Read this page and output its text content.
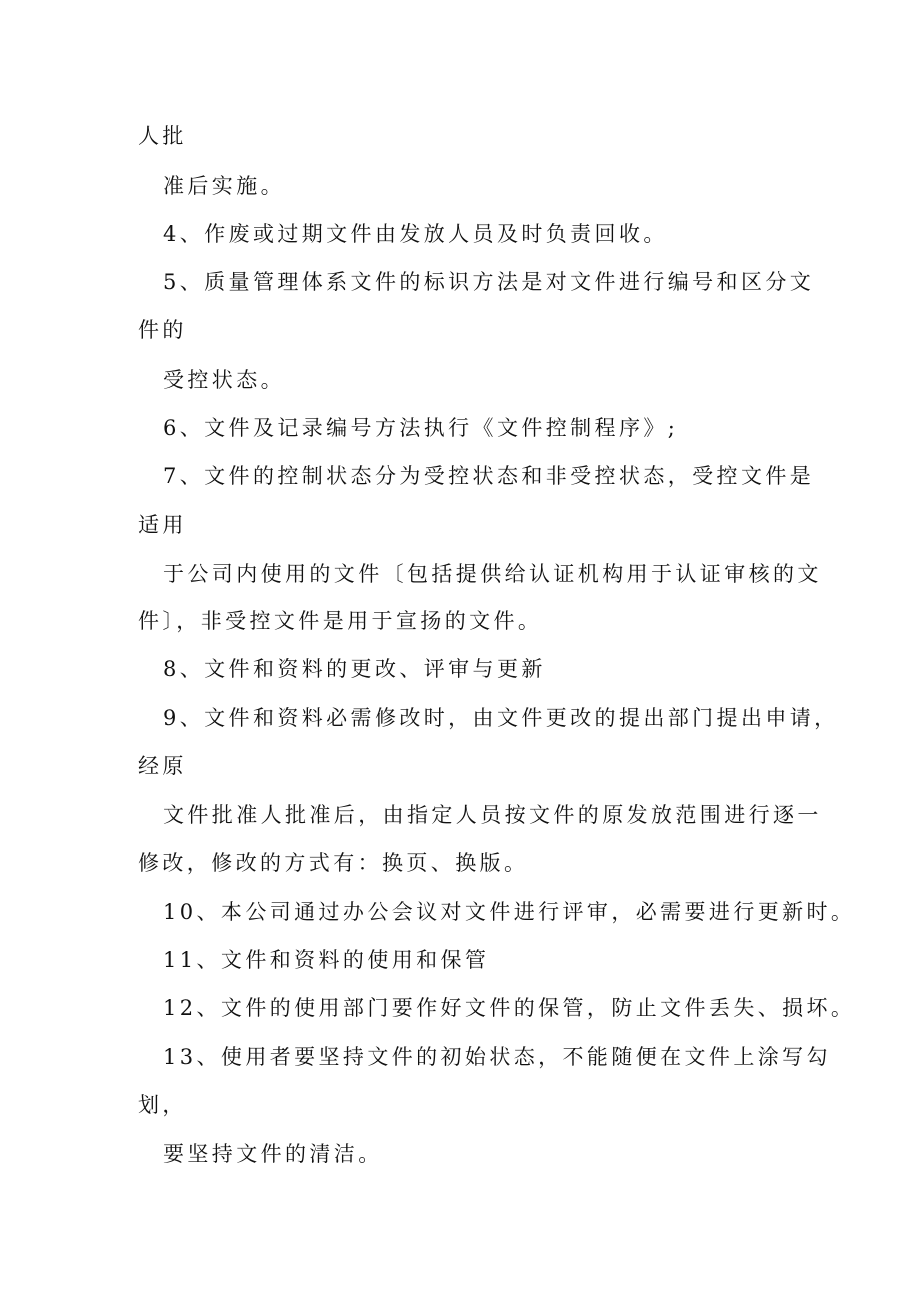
人批
准后实施。
4、作废或过期文件由发放人员及时负责回收。
5、质量管理体系文件的标识方法是对文件进行编号和区分文
件的
受控状态。
6、文件及记录编号方法执行《文件控制程序》;
7、文件的控制状态分为受控状态和非受控状态，受控文件是
适用
于公司内使用的文件〔包括提供给认证机构用于认证审核的文
件〕，非受控文件是用于宣扬的文件。
8、文件和资料的更改、评审与更新
9、文件和资料必需修改时，由文件更改的提出部门提出申请，
经原
文件批准人批准后，由指定人员按文件的原发放范围进行逐一
修改，修改的方式有：换页、换版。
10、本公司通过办公会议对文件进行评审，必需要进行更新时。
11、文件和资料的使用和保管
12、文件的使用部门要作好文件的保管，防止文件丢失、损坏。
13、使用者要坚持文件的初始状态，不能随便在文件上涂写勾
划，
要坚持文件的清洁。
